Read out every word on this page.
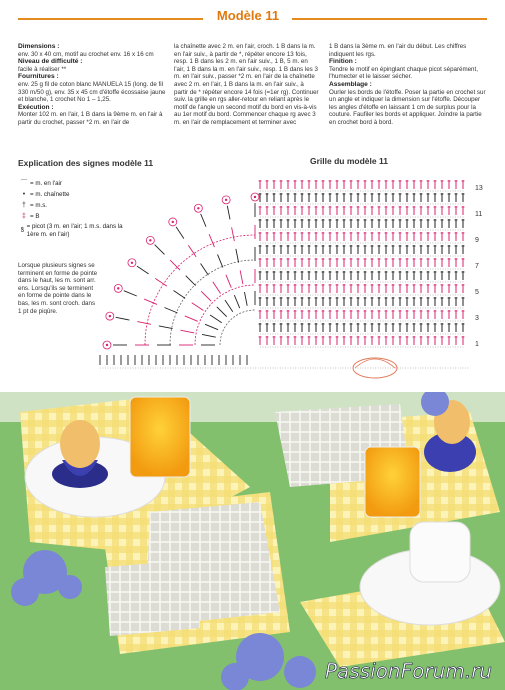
Modèle 11

Dimensions :

env. 30 x 40 cm, motif au crochet env. 16 x 16 cm

Niveau de difficulté :

facile à réaliser **

Fournitures :

env. 25 g fil de coton blanc MANUELA 15 (long. de fil 330 m/50 g), env. 35 x 45 cm d'étoffe écossaise jaune et blanche, 1 crochet No 1 – 1,25.

Exécution :

Monter 102 m. en l'air, 1 B dans la 9ème m. en l'air à partir du crochet, passer *2 m. en l'air de

la chaînette avec 2 m. en l'air, croch. 1 B dans la m. en l'air suiv., à partir de *, répéter encore 13 fois, resp. 1 B dans les 2 m. en l'air suiv., 1 B, 5 m. en l'air, 1 B dans la m. en l'air suiv., resp. 1 B dans les 3 m. en l'air suiv., passer *2 m. en l'air de la chaînette avec 2 m. en l'air, 1 B dans la m. en l'air suiv., à partir de * répéter encore 14 fois (=1er rg). Continuer suiv. la grille en rgs aller-retour en reliant après le motif de l'angle un second motif du bord en vis-à-vis au 1er motif du bord. Commencer chaque rg avec 3 m. en l'air de remplacement et terminer avec

1 B dans la 3ème m. en l'air du début. Les chiffres indiquent les rgs.

Finition :

Tendre le motif en épinglant chaque picot séparément, l'humecter et le laisser sécher.

Assemblage :

Ourler les bords de l'étoffe. Poser la partie en crochet sur un angle et indiquer la dimension sur l'étoffe. Découper les angles d'étoffe en laissant 1 cm de surplus pour la couture. Faufiler les bords et appliquer. Joindre la partie en crochet bord à bord.

Explication des signes modèle 11
⌒ = m. en l'air
• = m. chaînette
† = m.s.
‡ = B
ꝸ
= picot (3 m. en l'air; 1 m.s. dans la 1ère m. en l'air)
Lorsque plusieurs signes se terminent en forme de pointe dans le haut, les m. sont arr. ens. Lorsqu'ils se terminent en forme de pointe dans le bas, les m. sont croch. dans 1 pt de piqûre.
Grille du modèle 11
13
11
9
7
5
3
1
PassionForum.ru
